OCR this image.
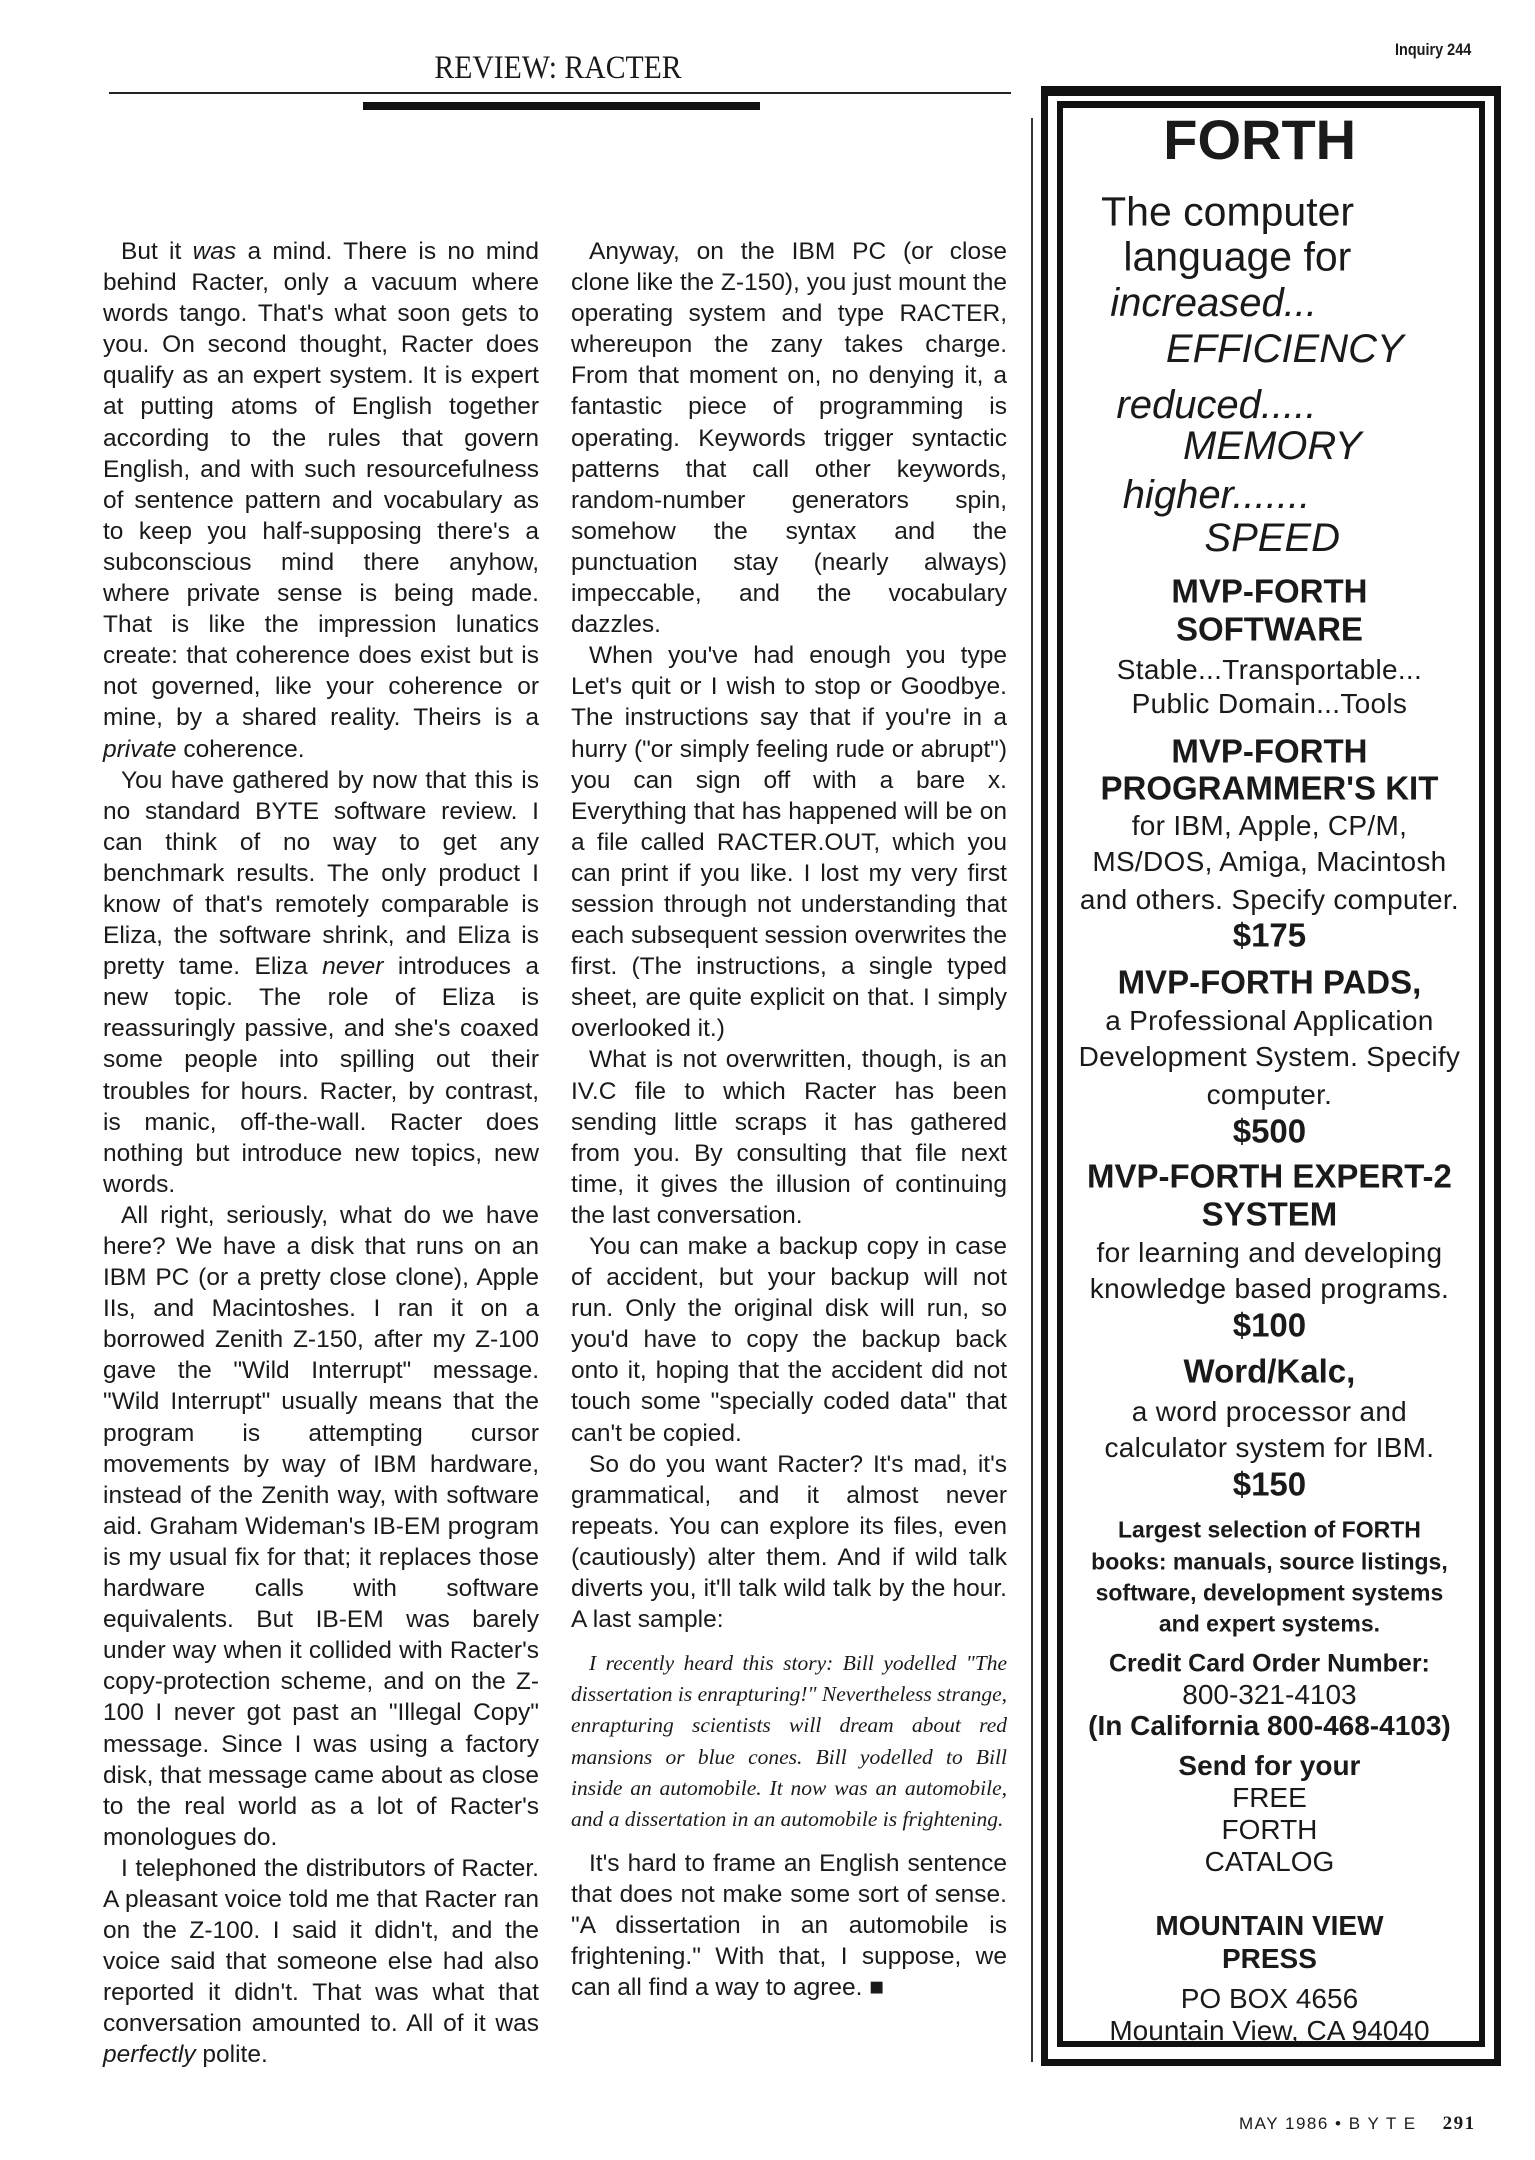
REVIEW: RACTER
Inquiry 244

But it was a mind. There is no mind behind Racter, only a vacuum where words tango. That's what soon gets to you. On second thought, Racter does qualify as an expert system. It is expert at putting atoms of English together according to the rules that govern English, and with such resourcefulness of sentence pattern and vocabulary as to keep you half-supposing there's a subconscious mind there anyhow, where private sense is being made. That is like the impression lunatics create: that coherence does exist but is not governed, like your coherence or mine, by a shared reality. Theirs is a private coherence.

You have gathered by now that this is no standard BYTE software review. I can think of no way to get any benchmark results. The only product I know of that's remotely comparable is Eliza, the software shrink, and Eliza is pretty tame. Eliza never introduces a new topic. The role of Eliza is reassuringly passive, and she's coaxed some people into spilling out their troubles for hours. Racter, by contrast, is manic, off-the-wall. Racter does nothing but introduce new topics, new words.

All right, seriously, what do we have here? We have a disk that runs on an IBM PC (or a pretty close clone), Apple IIs, and Macintoshes. I ran it on a borrowed Zenith Z-150, after my Z-100 gave the "Wild Interrupt" message. "Wild Interrupt" usually means that the program is attempting cursor movements by way of IBM hardware, instead of the Zenith way, with software aid. Graham Wideman's IB-EM program is my usual fix for that; it replaces those hardware calls with software equivalents. But IB-EM was barely under way when it collided with Racter's copy-protection scheme, and on the Z-100 I never got past an "Illegal Copy" message. Since I was using a factory disk, that message came about as close to the real world as a lot of Racter's monologues do.

I telephoned the distributors of Racter. A pleasant voice told me that Racter ran on the Z-100. I said it didn't, and the voice said that someone else had also reported it didn't. That was what that conversation amounted to. All of it was perfectly polite.

Anyway, on the IBM PC (or close clone like the Z-150), you just mount the operating system and type RACTER, whereupon the zany takes charge. From that moment on, no denying it, a fantastic piece of programming is operating. Keywords trigger syntactic patterns that call other keywords, random-number generators spin, somehow the syntax and the punctuation stay (nearly always) impeccable, and the vocabulary dazzles.

When you've had enough you type Let's quit or I wish to stop or Goodbye. The instructions say that if you're in a hurry ("or simply feeling rude or abrupt") you can sign off with a bare x. Everything that has happened will be on a file called RACTER.OUT, which you can print if you like. I lost my very first session through not understanding that each subsequent session overwrites the first. (The instructions, a single typed sheet, are quite explicit on that. I simply overlooked it.)

What is not overwritten, though, is an IV.C file to which Racter has been sending little scraps it has gathered from you. By consulting that file next time, it gives the illusion of continuing the last conversation.

You can make a backup copy in case of accident, but your backup will not run. Only the original disk will run, so you'd have to copy the backup back onto it, hoping that the accident did not touch some "specially coded data" that can't be copied.

So do you want Racter? It's mad, it's grammatical, and it almost never repeats. You can explore its files, even (cautiously) alter them. And if wild talk diverts you, it'll talk wild talk by the hour. A last sample:

I recently heard this story: Bill yodelled "The dissertation is enrapturing!" Nevertheless strange, enrapturing scientists will dream about red mansions or blue cones. Bill yodelled to Bill inside an automobile. It now was an automobile, and a dissertation in an automobile is frightening.

It's hard to frame an English sentence that does not make some sort of sense. "A dissertation in an automobile is frightening." With that, I suppose, we can all find a way to agree. ■

FORTH
The computer
language for
increased...
EFFICIENCY
reduced.....
MEMORY
higher.......
SPEED
MVP-FORTH
SOFTWARE
Stable...Transportable...
Public Domain...Tools
MVP-FORTH
PROGRAMMER'S KIT
for IBM, Apple, CP/M,
MS/DOS, Amiga, Macintosh
and others. Specify computer.
$175
MVP-FORTH PADS,
a Professional Application
Development System. Specify
computer.
$500
MVP-FORTH EXPERT-2
SYSTEM
for learning and developing
knowledge based programs.
$100
Word/Kalc,
a word processor and
calculator system for IBM.
$150
Largest selection of FORTH
books: manuals, source listings,
software, development systems
and expert systems.
Credit Card Order Number:
800-321-4103
(In California 800-468-4103)
Send for your
FREE
FORTH
CATALOG
MOUNTAIN VIEW
PRESS
PO BOX 4656
Mountain View, CA 94040
MAY 1986 • B Y T E 291
